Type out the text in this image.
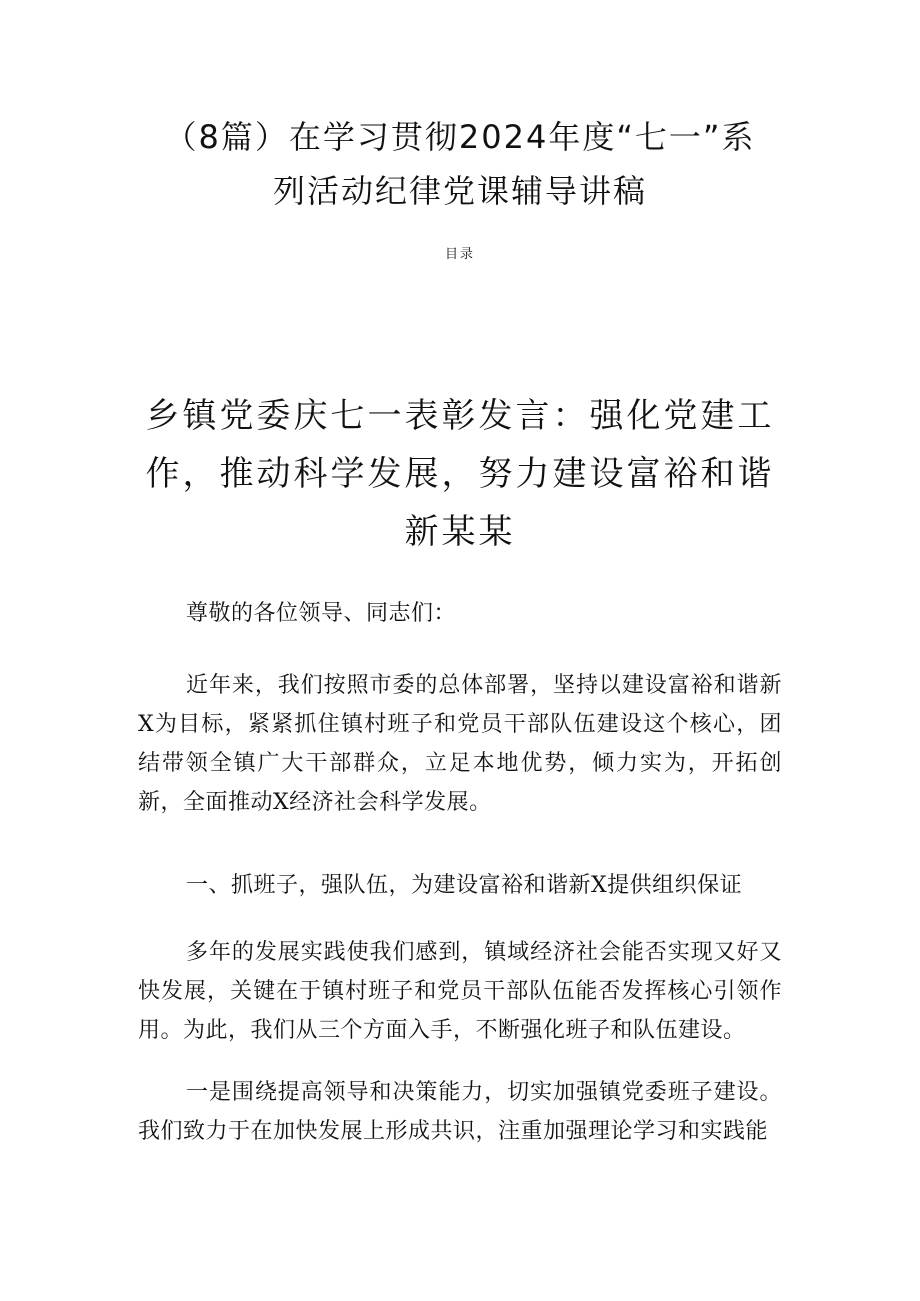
（8篇）在学习贯彻2024年度“七一”系列活动纪律党课辅导讲稿
目录
乡镇党委庆七一表彰发言：强化党建工作，推动科学发展，努力建设富裕和谐新某某

尊敬的各位领导、同志们：

近年来，我们按照市委的总体部署，坚持以建设富裕和谐新X为目标，紧紧抓住镇村班子和党员干部队伍建设这个核心，团结带领全镇广大干部群众，立足本地优势，倾力实为，开拓创新，全面推动X经济社会科学发展。

一、抓班子，强队伍，为建设富裕和谐新X提供组织保证

多年的发展实践使我们感到，镇域经济社会能否实现又好又快发展，关键在于镇村班子和党员干部队伍能否发挥核心引领作用。为此，我们从三个方面入手，不断强化班子和队伍建设。

一是围绕提高领导和决策能力，切实加强镇党委班子建设。我们致力于在加快发展上形成共识，注重加强理论学习和实践能
